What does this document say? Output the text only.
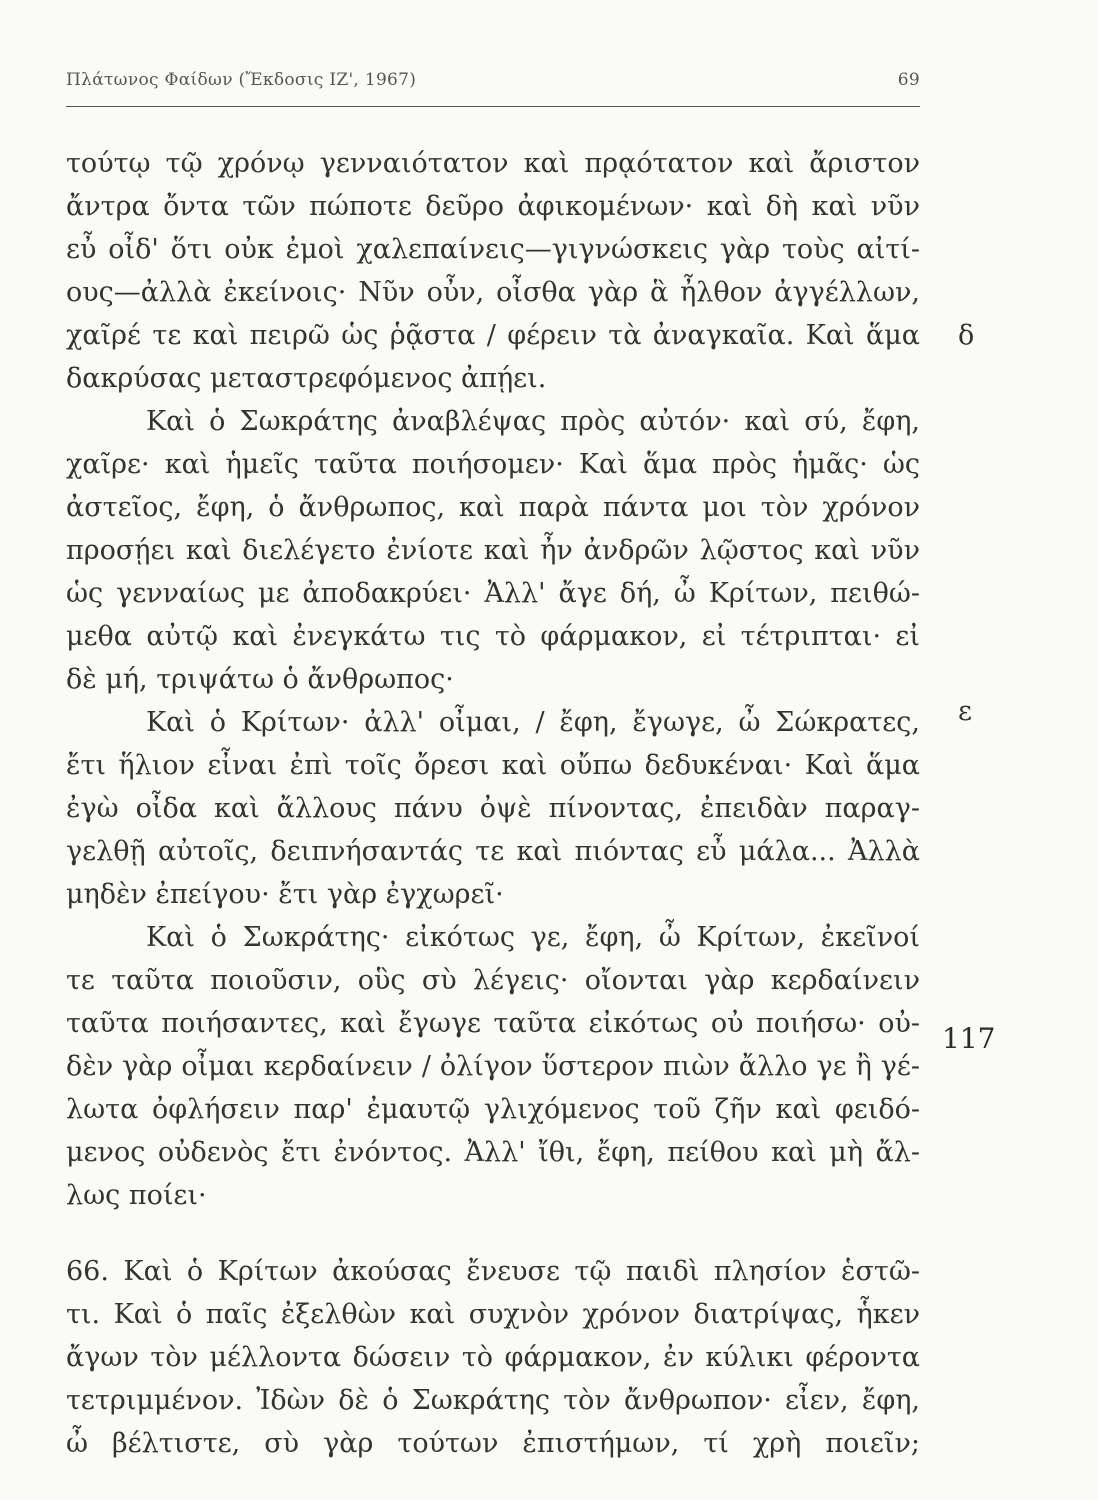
Πλάτωνος Φαίδων (Ἔκδοσις ΙΖ', 1967)	69
τούτῳ τῷ χρόνῳ γενναιότατον καὶ πρᾳότατον καὶ ἄριστον
ἄντρα ὄντα τῶν πώποτε δεῦρο ἀφικομένων· καὶ δὴ καὶ νῦν
εὖ οἶδ' ὅτι οὐκ ἐμοὶ χαλεπαίνεις—γιγνώσκεις γὰρ τοὺς αἰτί-
ους—ἀλλὰ ἐκείνοις· Νῦν οὖν, οἶσθα γὰρ ἃ ἦλθον ἀγγέλλων,
χαῖρέ τε καὶ πειρῶ ὡς ῥᾷστα / φέρειν τὰ ἀναγκαῖα. Καὶ ἅμα
δακρύσας μεταστρεφόμενος ἀπῄει.
Καὶ ὁ Σωκράτης ἀναβλέψας πρὸς αὐτόν· καὶ σύ, ἔφη,
χαῖρε· καὶ ἡμεῖς ταῦτα ποιήσομεν· Καὶ ἅμα πρὸς ἡμᾶς· ὡς
ἀστεῖος, ἔφη, ὁ ἄνθρωπος, καὶ παρὰ πάντα μοι τὸν χρόνον
προσῄει καὶ διελέγετο ἐνίοτε καὶ ἦν ἀνδρῶν λῷστος καὶ νῦν
ὡς γενναίως με ἀποδακρύει· Ἀλλ' ἄγε δή, ὦ Κρίτων, πειθώ-
μεθα αὐτῷ καὶ ἐνεγκάτω τις τὸ φάρμακον, εἰ τέτριπται· εἰ
δὲ μή, τριψάτω ὁ ἄνθρωπος·
Καὶ ὁ Κρίτων· ἀλλ' οἶμαι, / ἔφη, ἔγωγε, ὦ Σώκρατες,
ἔτι ἥλιον εἶναι ἐπὶ τοῖς ὄρεσι καὶ οὔπω δεδυκέναι· Καὶ ἅμα
ἐγὼ οἶδα καὶ ἄλλους πάνυ ὀψὲ πίνοντας, ἐπειδὰν παραγ-
γελθῇ αὐτοῖς, δειπνήσαντάς τε καὶ πιόντας εὖ μάλα... Ἀλλὰ
μηδὲν ἐπείγου· ἔτι γὰρ ἐγχωρεῖ·
Καὶ ὁ Σωκράτης· εἰκότως γε, ἔφη, ὦ Κρίτων, ἐκεῖνοί
τε ταῦτα ποιοῦσιν, οὓς σὺ λέγεις· οἴονται γὰρ κερδαίνειν
ταῦτα ποιήσαντες, καὶ ἔγωγε ταῦτα εἰκότως οὐ ποιήσω· οὐ-
δὲν γὰρ οἶμαι κερδαίνειν / ὀλίγον ὕστερον πιὼν ἄλλο γε ἢ γέ-
λωτα ὀφλήσειν παρ' ἐμαυτῷ γλιχόμενος τοῦ ζῆν καὶ φειδό-
μενος οὐδενὸς ἔτι ἐνόντος. Ἀλλ' ἴθι, ἔφη, πείθου καὶ μὴ ἄλ-
λως ποίει·
66. Καὶ ὁ Κρίτων ἀκούσας ἔνευσε τῷ παιδὶ πλησίον ἑστῶ-
τι. Καὶ ὁ παῖς ἐξελθὼν καὶ συχνὸν χρόνον διατρίψας, ἧκεν
ἄγων τὸν μέλλοντα δώσειν τὸ φάρμακον, ἐν κύλικι φέροντα
τετριμμένον. Ἰδὼν δὲ ὁ Σωκράτης τὸν ἄνθρωπον· εἶεν, ἔφη,
ὦ βέλτιστε, σὺ γὰρ τούτων ἐπιστήμων, τί χρὴ ποιεῖν;
δ
ε
117
